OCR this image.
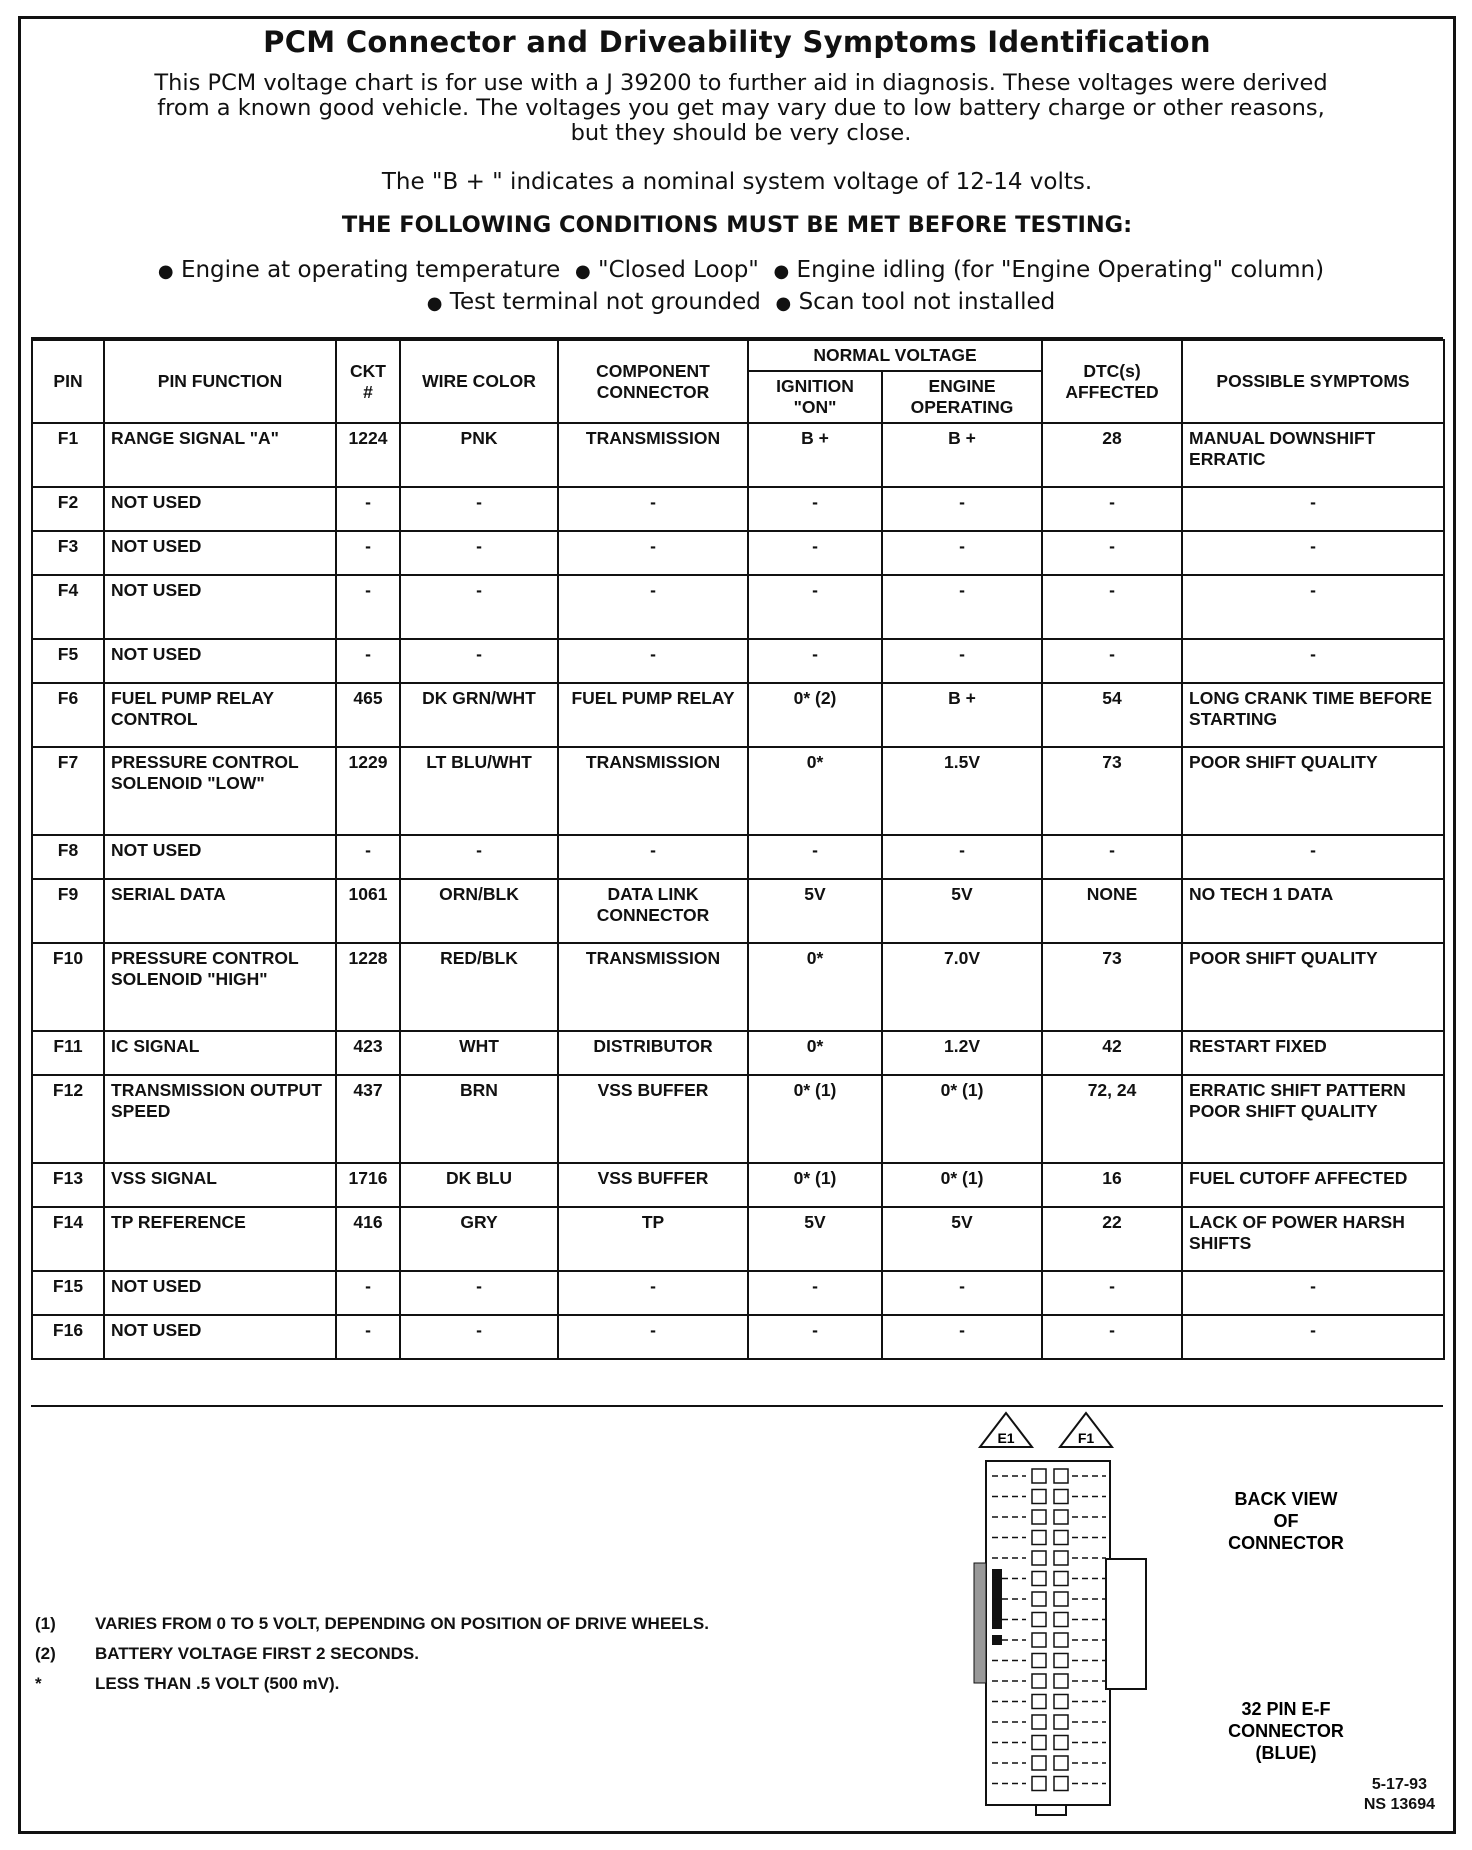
PCM Connector and Driveability Symptoms Identification
This PCM voltage chart is for use with a J 39200 to further aid in diagnosis. These voltages were derived
from a known good vehicle. The voltages you get may vary due to low battery charge or other reasons,
but they should be very close.
The "B + " indicates a nominal system voltage of 12-14 volts.
THE FOLLOWING CONDITIONS MUST BE MET BEFORE TESTING:
● Engine at operating temperature ● "Closed Loop" ● Engine idling (for "Engine Operating" column)
● Test terminal not grounded ● Scan tool not installed
PIN	PIN FUNCTION	CKT #	WIRE COLOR	COMPONENT CONNECTOR	NORMAL VOLTAGE		DTC(s) AFFECTED	POSSIBLE SYMPTOMS
					IGNITION "ON"	ENGINE OPERATING		
F1	RANGE SIGNAL "A"	1224	PNK	TRANSMISSION	B +	B +	28	MANUAL DOWNSHIFT ERRATIC
F2	NOT USED	-	-	-	-	-	-	-
F3	NOT USED	-	-	-	-	-	-	-
F4	NOT USED	-	-	-	-	-	-	-
F5	NOT USED	-	-	-	-	-	-	-
F6	FUEL PUMP RELAY CONTROL	465	DK GRN/WHT	FUEL PUMP RELAY	0* (2)	B +	54	LONG CRANK TIME BEFORE STARTING
F7	PRESSURE CONTROL SOLENOID "LOW"	1229	LT BLU/WHT	TRANSMISSION	0*	1.5V	73	POOR SHIFT QUALITY
F8	NOT USED	-	-	-	-	-	-	-
F9	SERIAL DATA	1061	ORN/BLK	DATA LINK CONNECTOR	5V	5V	NONE	NO TECH 1 DATA
F10	PRESSURE CONTROL SOLENOID "HIGH"	1228	RED/BLK	TRANSMISSION	0*	7.0V	73	POOR SHIFT QUALITY
F11	IC SIGNAL	423	WHT	DISTRIBUTOR	0*	1.2V	42	RESTART FIXED
F12	TRANSMISSION OUTPUT SPEED	437	BRN	VSS BUFFER	0* (1)	0* (1)	72, 24	ERRATIC SHIFT PATTERN POOR SHIFT QUALITY
F13	VSS SIGNAL	1716	DK BLU	VSS BUFFER	0* (1)	0* (1)	16	FUEL CUTOFF AFFECTED
F14	TP REFERENCE	416	GRY	TP	5V	5V	22	LACK OF POWER HARSH SHIFTS
F15	NOT USED	-	-	-	-	-	-	-
F16	NOT USED	-	-	-	-	-	-	-
(1)	VARIES FROM 0 TO 5 VOLT, DEPENDING ON POSITION OF DRIVE WHEELS.
(2)	BATTERY VOLTAGE FIRST 2 SECONDS.
*	LESS THAN .5 VOLT (500 mV).
E1	F1
BACK VIEW
OF
CONNECTOR
32 PIN E-F
CONNECTOR
(BLUE)
5-17-93
NS 13694
